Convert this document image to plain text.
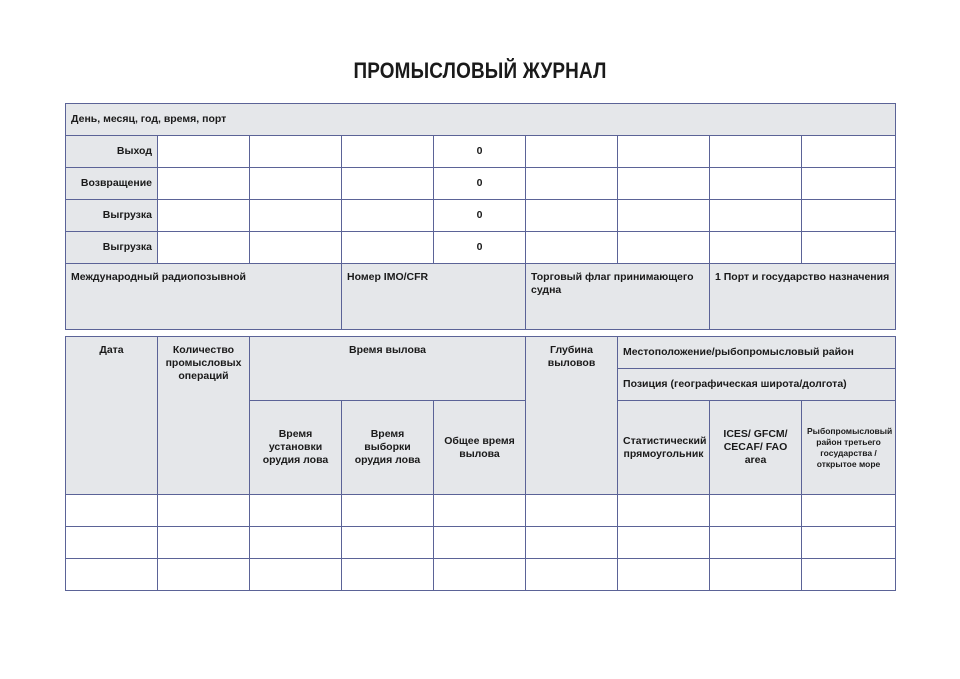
ПРОМЫСЛОВЫЙ ЖУРНАЛ
День, месяц, год, время, порт								
Выход				0				
Возвращение				0				
Выгрузка				0				
Выгрузка				0				
Международный радиопозывной			Номер IMO/CFR		Торговый флаг принимающего судна		1 Порт и государство назначения	
Дата	Количество промысловых операций	Время вылова			Глубина выловов	Местоположение/рыбопромысловый район		
						Позиция (географическая широта/долгота)		
		Время установки орудия лова	Время выборки орудия лова	Общее время вылова		Статистический прямоугольник	ICES/ GFCM/ CECAF/ FAO area	Рыбопромысловый район третьего государства / открытое море
